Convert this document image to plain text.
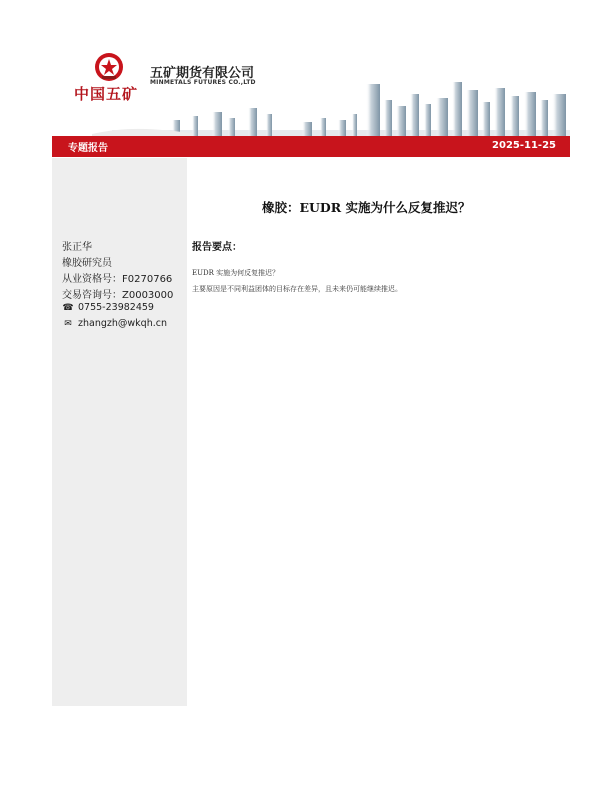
中国五矿
五矿期货有限公司
MINMETALS FUTURES CO.,LTD
专题报告	2025-11-25
张正华
橡胶研究员
从业资格号：F0270766
交易咨询号：Z0003000
☎ 0755-23982459
✉ zhangzh@wkqh.cn
橡胶：EUDR 实施为什么反复推迟？
报告要点：
EUDR 实施为何反复推迟？
主要原因是不同利益团体的目标存在差异，且未来仍可能继续推迟。
